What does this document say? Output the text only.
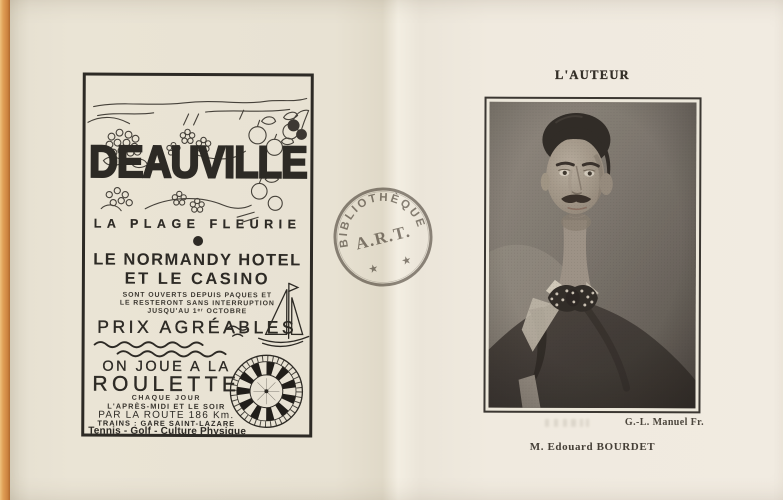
DEAUVILLE
LA PLAGE FLEURIE
LE NORMANDY HOTEL
ET LE CASINO
SONT OUVERTS DEPUIS PAQUES ET
LE RESTERONT SANS INTERRUPTION
JUSQU'AU 1ᵉʳ OCTOBRE
PRIX AGRÉABLES
ON JOUE A LA
ROULETTE
CHAQUE JOUR
L'APRÈS-MIDI ET LE SOIR
PAR LA ROUTE 186 Km.
TRAINS : GARE SAINT-LAZARE
Tennis - Golf - Culture Physique
BIBLIOTHÈQUE
A.R.T.
★
★
L'AUTEUR
G.-L. Manuel Fr.
M. Edouard BOURDET
